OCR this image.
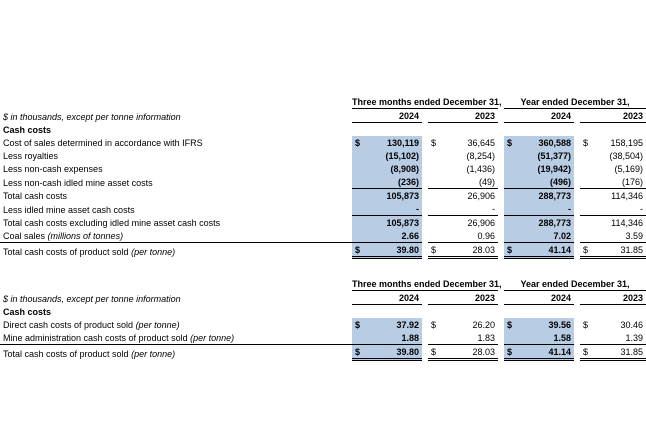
	Three months ended December 31,						Year ended December 31,				
$ in thousands, except per tonne information	2024			2023			2024			2023	
Cash costs											
Cost of sales determined in accordance with IFRS	$	130,119		$	36,645		$	360,588		$	158,195
Less royalties		(15,102)			(8,254)			(51,377)			(38,504)
Less non-cash expenses		(8,908)			(1,436)			(19,942)			(5,169)
Less non-cash idled mine asset costs		(236)			(49)			(496)			(176)
Total cash costs		105,873			26,906			288,773			114,346
Less idled mine asset cash costs		-			-			-			-
Total cash costs excluding idled mine asset cash costs		105,873			26,906			288,773			114,346
Coal sales (millions of tonnes)		2.66			0.96			7.02			3.59
Total cash costs of product sold (per tonne)	$	39.80		$	28.03		$	41.14		$	31.85
	Three months ended December 31,						Year ended December 31,				
$ in thousands, except per tonne information	2024			2023			2024			2023	
Cash costs											
Direct cash costs of product sold (per tonne)	$	37.92		$	26.20		$	39.56		$	30.46
Mine administration cash costs of product sold (per tonne)		1.88			1.83			1.58			1.39
Total cash costs of product sold (per tonne)	$	39.80		$	28.03		$	41.14		$	31.85
